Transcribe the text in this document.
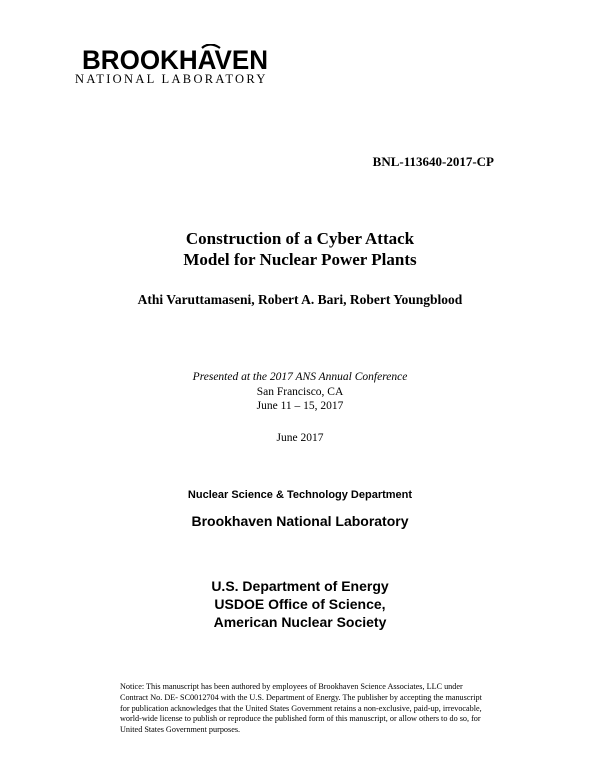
BROOKHAVEN
NATIONAL LABORATORY
BNL-113640-2017-CP
Construction of a Cyber Attack
Model for Nuclear Power Plants
Athi Varuttamaseni, Robert A. Bari, Robert Youngblood
Presented at the 2017 ANS Annual Conference
San Francisco, CA
June 11 – 15, 2017
June 2017
Nuclear Science & Technology Department
Brookhaven National Laboratory
U.S. Department of Energy
USDOE Office of Science,
American Nuclear Society
Notice: This manuscript has been authored by employees of Brookhaven Science Associates, LLC under Contract No. DE- SC0012704 with the U.S. Department of Energy. The publisher by accepting the manuscript for publication acknowledges that the United States Government retains a non-exclusive, paid-up, irrevocable, world-wide license to publish or reproduce the published form of this manuscript, or allow others to do so, for United States Government purposes.
